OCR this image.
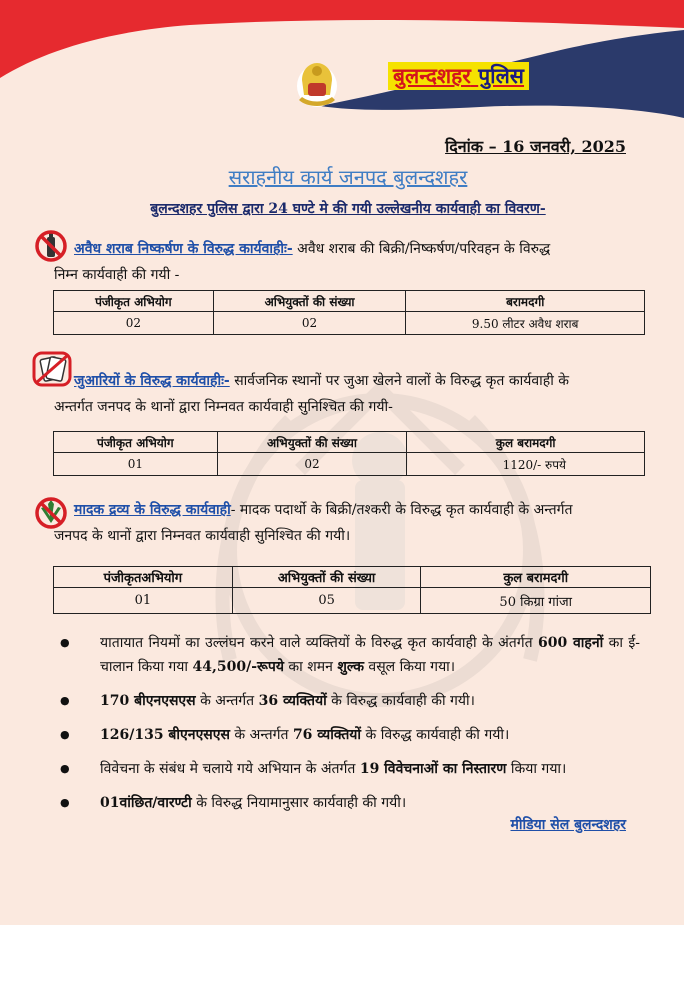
बुलन्दशहर पुलिस
दिनांक – 16 जनवरी, 2025
सराहनीय कार्य जनपद बुलन्दशहर
बुलन्दशहर पुलिस द्वारा 24 घण्टे मे की गयी उल्लेखनीय कार्यवाही का विवरण-
अवैध शराब निष्कर्षण के विरुद्ध कार्यवाहीः- अवैध शराब की बिक्री/निष्कर्षण/परिवहन के विरुद्ध
निम्न कार्यवाही की गयी -
पंजीकृत अभियोग	अभियुक्तों की संख्या	बरामदगी
02	02	9.50 लीटर अवैध शराब
जुआरियों के विरुद्ध कार्यवाहीः- सार्वजनिक स्थानों पर जुआ खेलने वालों के विरुद्ध कृत कार्यवाही के
अन्तर्गत जनपद के थानों द्वारा निम्नवत कार्यवाही सुनिश्चित की गयी-
पंजीकृत अभियोग	अभियुक्तों की संख्या	कुल बरामदगी
01	02	1120/- रुपये
मादक द्रव्य के विरुद्ध कार्यवाही- मादक पदार्थो के बिक्री/तश्करी के विरुद्ध कृत कार्यवाही के अन्तर्गत
जनपद के थानों द्वारा निम्नवत कार्यवाही सुनिश्चित की गयी।
पंजीकृतअभियोग	अभियुक्तों की संख्या	कुल बरामदगी
01	05	50 किग्रा गांजा
● यातायात नियमों का उल्लंघन करने वाले व्यक्तियों के विरुद्ध कृत कार्यवाही के अंतर्गत 600 वाहनों का ई-चालान किया गया 44,500/-रूपये का शमन शुल्क वसूल किया गया।
● 170 बीएनएसएस के अन्तर्गत 36 व्यक्तियों के विरुद्ध कार्यवाही की गयी।
● 126/135 बीएनएसएस के अन्तर्गत 76 व्यक्तियों के विरुद्ध कार्यवाही की गयी।
● विवेचना के संबंध मे चलाये गये अभियान के अंतर्गत 19 विवेचनाओं का निस्तारण किया गया।
● 01वांछित/वारण्टी के विरुद्ध नियामानुसार कार्यवाही की गयी।
मीडिया सेल बुलन्दशहर
